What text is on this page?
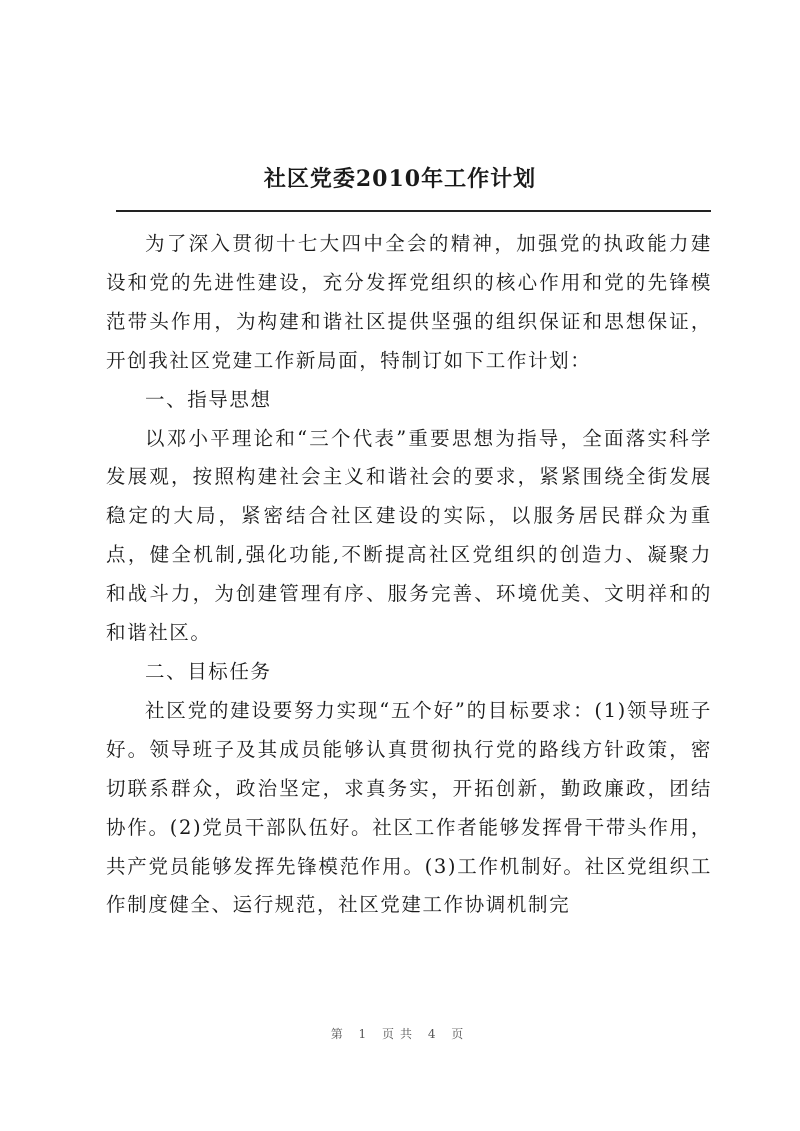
社区党委2010年工作计划

为了深入贯彻十七大四中全会的精神，加强党的执政能力建设和党的先进性建设，充分发挥党组织的核心作用和党的先锋模范带头作用，为构建和谐社区提供坚强的组织保证和思想保证，开创我社区党建工作新局面，特制订如下工作计划：

一、指导思想

以邓小平理论和“三个代表”重要思想为指导，全面落实科学发展观，按照构建社会主义和谐社会的要求，紧紧围绕全街发展稳定的大局，紧密结合社区建设的实际，以服务居民群众为重点，健全机制,强化功能,不断提高社区党组织的创造力、凝聚力和战斗力，为创建管理有序、服务完善、环境优美、文明祥和的和谐社区。

二、目标任务

社区党的建设要努力实现“五个好”的目标要求：(1)领导班子好。领导班子及其成员能够认真贯彻执行党的路线方针政策，密切联系群众，政治坚定，求真务实，开拓创新，勤政廉政，团结协作。(2)党员干部队伍好。社区工作者能够发挥骨干带头作用，共产党员能够发挥先锋模范作用。(3)工作机制好。社区党组织工作制度健全、运行规范，社区党建工作协调机制完

第 1 页共 4 页
